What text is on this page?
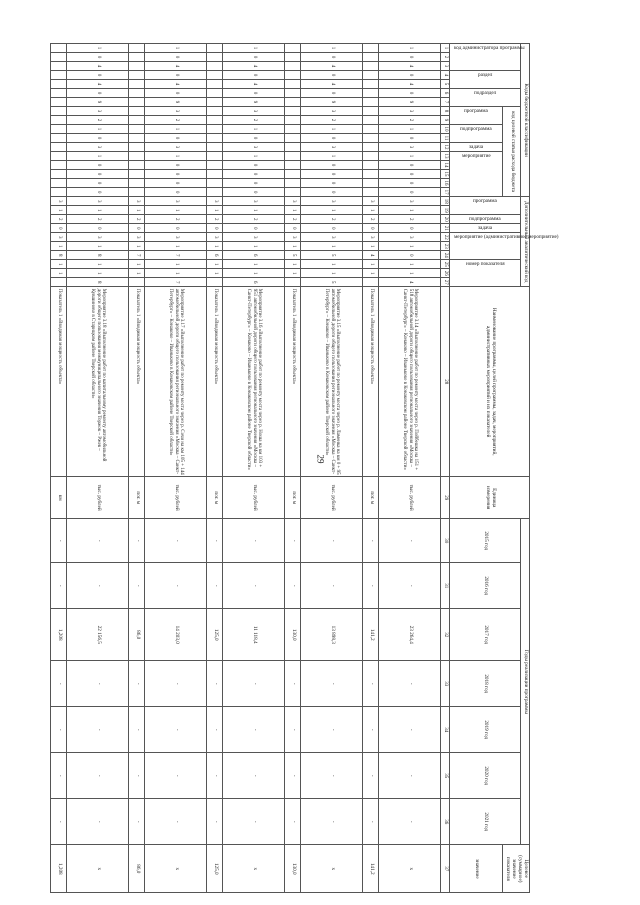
29
Коды бюджетной классификации																	Дополнительный аналитический код										Наименование программы, целей программы, задач, мероприятий, административных мероприятий и их показателей	Единица измерения	Годы реализации программы							Целевое (суммарное) значение показателя

код администратора программы			раздел		подраздел		код целевой статьи расхода бюджета										программа		подпрограмма	задача	мероприятие (административное мероприятие)			номер показателя					2015 год	2016 год	2017 год	2018 год	2019 год	2020 год	2021 год	

							программа		подпрограмма		задача	мероприятие																								значение
1	2	3	4	5	6	7	8	9	10	11	12	13	14	15	16	17	18	19	20	21	22	23	24	25	26	27	28	29	30	31	32	33	34	35	36	37
1	0	4	0	4	0	9	3	2	1	0	3	1	0	0	0	0	3	1	2	0	3	1	0	1	1	4	Мероприятие 3.14 «Выполнение работ по ремонту моста через р. Пойбешка на 151 + 518 автомобильной дороги общего пользования регионального значения «Москва – Санкт-Петербург» – Конаково – Иваньково в Конаковском районе Тверской области»	тыс. рублей	-	-	23 264,4	-	-	-	-	x
																	3	1	2	0	3	1	4	1	1		Показатель 1 «Вводимая мощность объекта»	пог. м	-	-	141,2	-	-	-	-	141,2
1	0	4	0	4	0	9	3	2	1	0	3	1	0	0	0	0	3	1	2	0	3	1	5	1	1	5	Мероприятие 3.15 «Выполнение работ по ремонту моста через р. Ламенка на км 0 + 95 автомобильной дороги общего пользования регионального значения «Москва – Санкт-Петербург» – Конаково – Иваньково в Конаковском районе Тверской области»	тыс. рублей	-	-	13 898,3	-	-	-	-	x
																	3	1	2	0	3	1	5	1	1		Показатель 1 «Вводимая мощность объекта»	пог. м	-	-	130,0	-	-	-	-	130,0
1	0	4	0	4	0	9	3	2	1	0	3	1	0	0	0	0	3	1	2	0	3	1	6	1	1	6	Мероприятие 3.16 «Выполнение работ по ремонту моста через р. Ноша на км 103 + 951 автомобильной дороги общего пользования регионального значения «Москва – Санкт-Петербург» – Конаково – Иваньково в Конаковском районе Тверской области»	тыс. рублей	-	-	11 118,4	-	-	-	-	x
																	3	1	2	0	3	1	6	1	1		Показатель 1 «Вводимая мощность объекта»	пог. м	-	-	125,0	-	-	-	-	125,0
1	0	4	0	4	0	9	3	2	1	0	3	1	0	0	0	0	3	1	2	0	3	1	7	1	1	7	Мероприятие 3.17 «Выполнение работ по ремонту моста через р. Сочи на км 105 + 144 автомобильной дороги общего пользования регионального значения «Москва – Санкт-Петербург» – Конаково – Иваньково в Конаковском районе Тверской области»	тыс. рублей	-	-	14 203,0	-	-	-	-	x
																	3	1	2	0	3	1	7	1	1		Показатель 1 «Вводимая мощность объекта»	пог. м	-	-	86,0	-	-	-	-	86,0
1	0	4	0	4	0	9	3	2	1	0	3	1	0	0	0	0	3	1	2	0	3	1	8	1	1	8	Мероприятие 3.18 «Выполнение работ по капитальному ремонту автомобильной дороги общего пользования межмуниципального значения Торжок – Ржев – Кувшиново в Старицком районе Тверской области»	тыс. рублей	-	-	22 156,5	-	-	-	-	x
																	3	1	2	0	3	1	8	1	1		Показатель 1 «Вводимая мощность объекта»	км	-	-	1,208	-	-	-	-	1,208
